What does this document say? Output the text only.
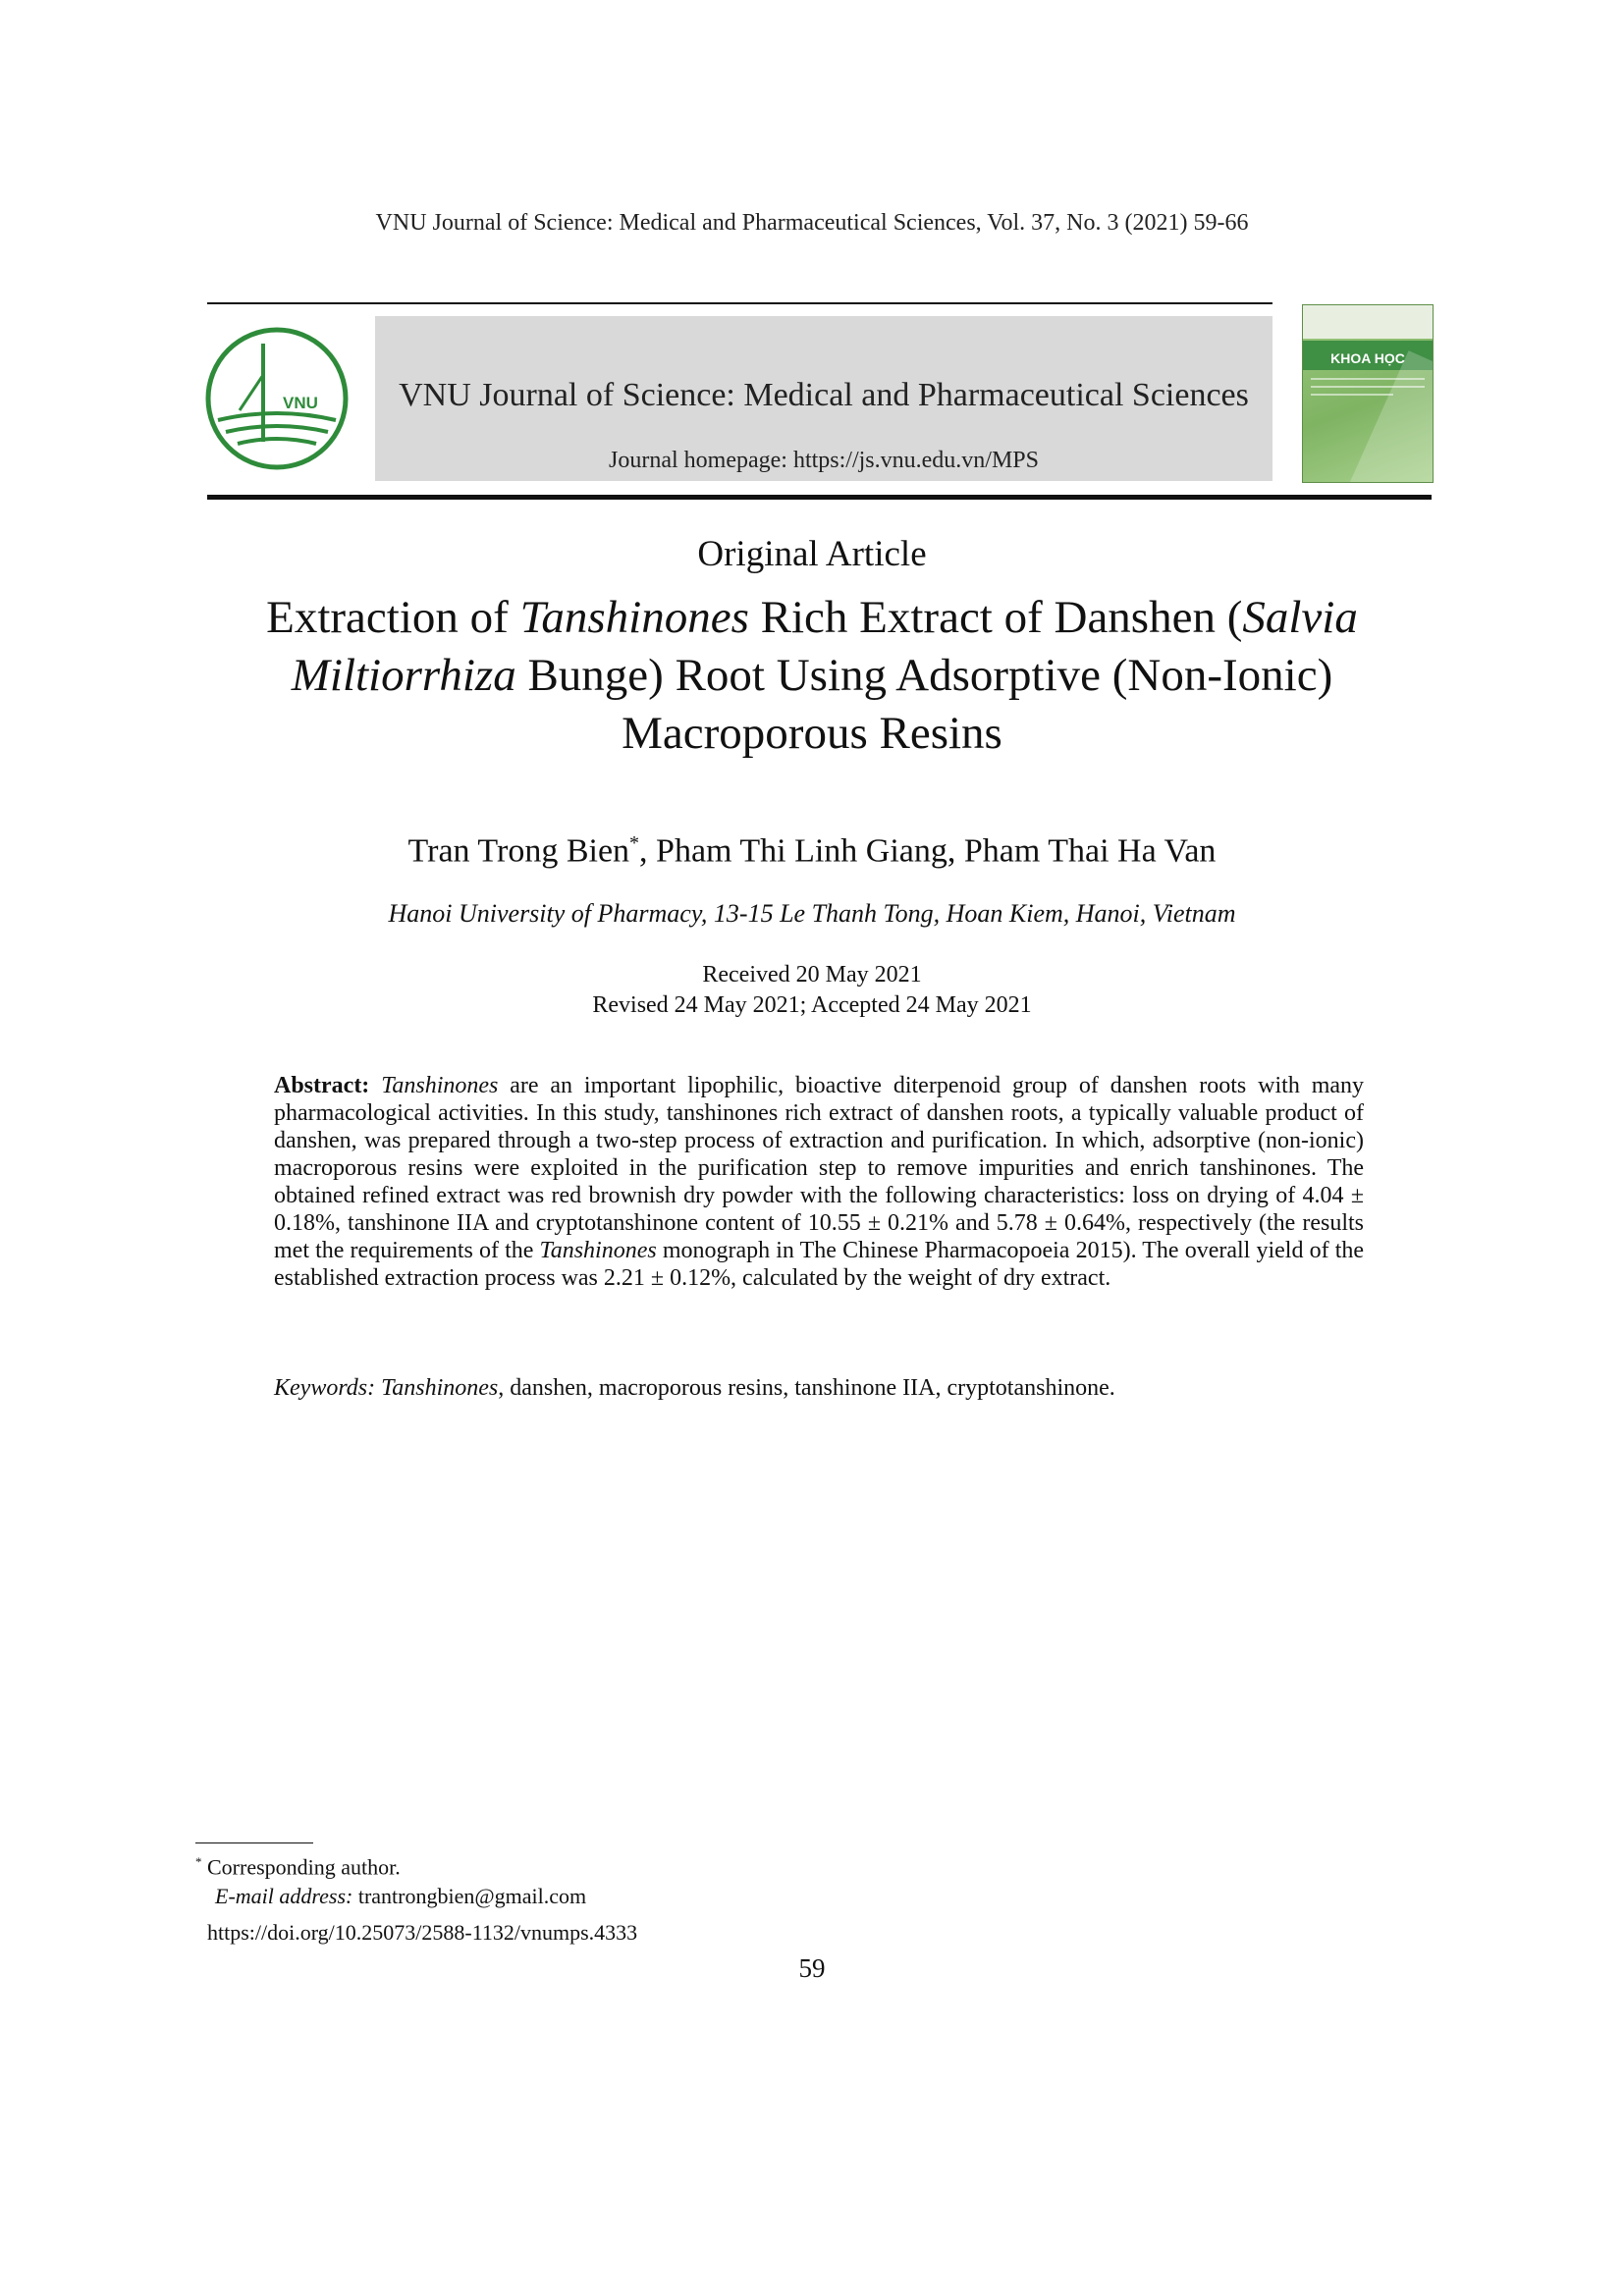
VNU Journal of Science: Medical and Pharmaceutical Sciences, Vol. 37, No. 3 (2021) 59-66
VNU	VNU Journal of Science: Medical and Pharmaceutical Sciences
Journal homepage: https://js.vnu.edu.vn/MPS
KHOA HỌC
Original Article
Extraction of Tanshinones Rich Extract of Danshen (Salvia Miltiorrhiza Bunge) Root Using Adsorptive (Non-Ionic) Macroporous Resins
Tran Trong Bien*, Pham Thi Linh Giang, Pham Thai Ha Van
Hanoi University of Pharmacy, 13-15 Le Thanh Tong, Hoan Kiem, Hanoi, Vietnam
Received 20 May 2021
Revised 24 May 2021; Accepted 24 May 2021
Abstract: Tanshinones are an important lipophilic, bioactive diterpenoid group of danshen roots with many pharmacological activities. In this study, tanshinones rich extract of danshen roots, a typically valuable product of danshen, was prepared through a two-step process of extraction and purification. In which, adsorptive (non-ionic) macroporous resins were exploited in the purification step to remove impurities and enrich tanshinones. The obtained refined extract was red brownish dry powder with the following characteristics: loss on drying of 4.04 ± 0.18%, tanshinone IIA and cryptotanshinone content of 10.55 ± 0.21% and 5.78 ± 0.64%, respectively (the results met the requirements of the Tanshinones monograph in The Chinese Pharmacopoeia 2015). The overall yield of the established extraction process was 2.21 ± 0.12%, calculated by the weight of dry extract.
Keywords: Tanshinones, danshen, macroporous resins, tanshinone IIA, cryptotanshinone.
* Corresponding author.
E-mail address: trantrongbien@gmail.com
https://doi.org/10.25073/2588-1132/vnumps.4333
59
